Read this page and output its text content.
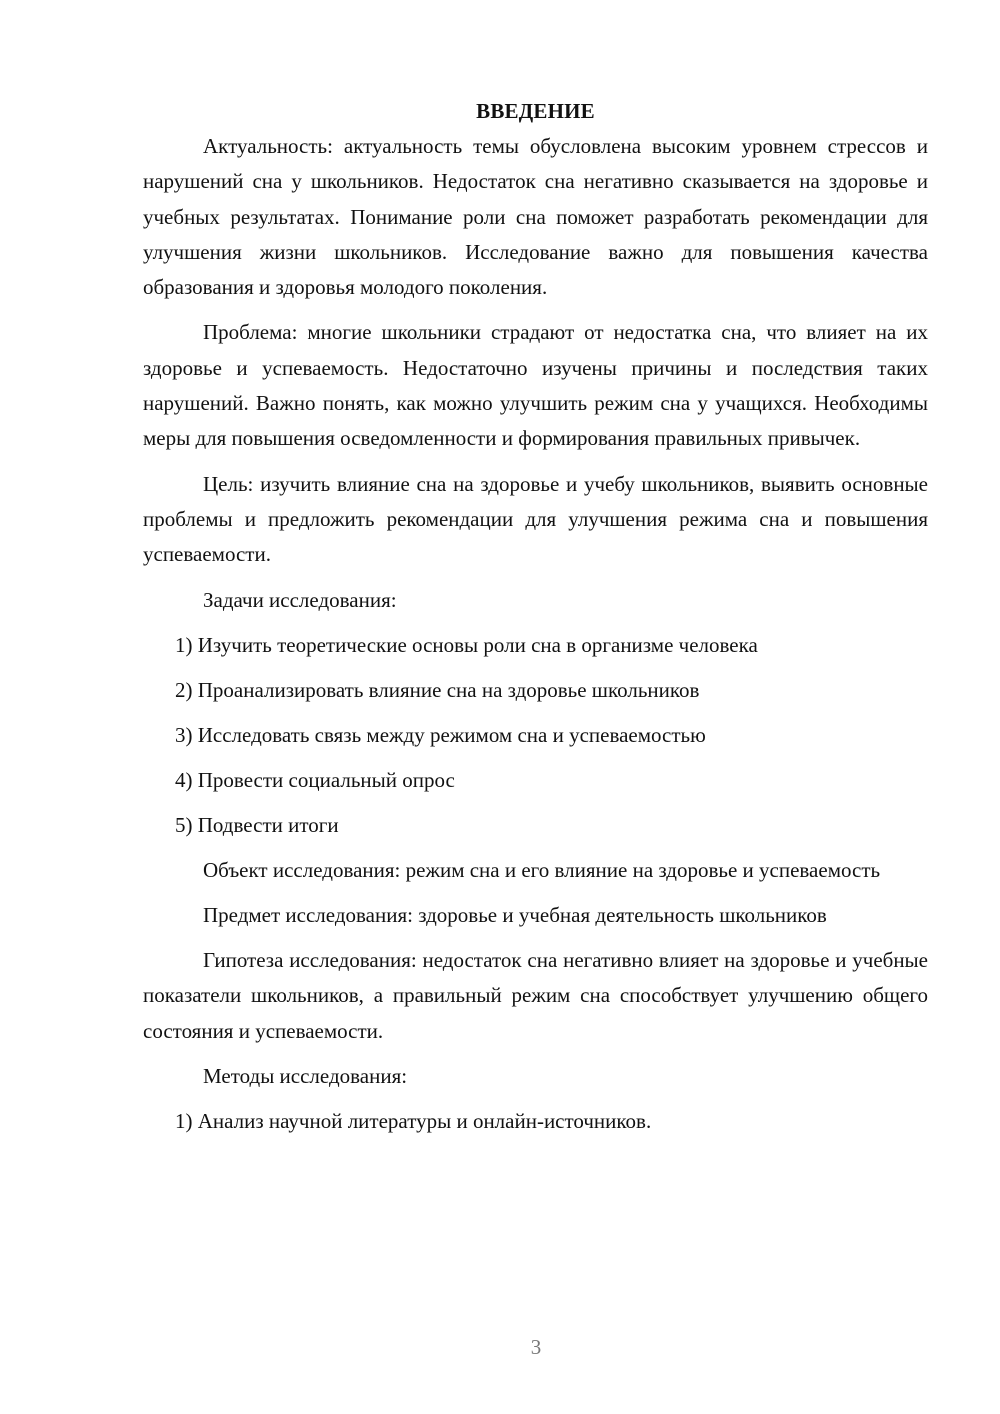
ВВЕДЕНИЕ

Актуальность: актуальность темы обусловлена высоким уровнем стрессов и нарушений сна у школьников. Недостаток сна негативно сказывается на здоровье и учебных результатах. Понимание роли сна поможет разработать рекомендации для улучшения жизни школьников. Исследование важно для повышения качества образования и здоровья молодого поколения.

Проблема: многие школьники страдают от недостатка сна, что влияет на их здоровье и успеваемость. Недостаточно изучены причины и последствия таких нарушений. Важно понять, как можно улучшить режим сна у учащихся. Необходимы меры для повышения осведомленности и формирования правильных привычек.

Цель: изучить влияние сна на здоровье и учебу школьников, выявить основные проблемы и предложить рекомендации для улучшения режима сна и повышения успеваемости.

Задачи исследования:

1) Изучить теоретические основы роли сна в организме человека

2) Проанализировать влияние сна на здоровье школьников

3) Исследовать связь между режимом сна и успеваемостью

4) Провести социальный опрос

5) Подвести итоги

Объект исследования: режим сна и его влияние на здоровье и успеваемость

Предмет исследования: здоровье и учебная деятельность школьников

Гипотеза исследования: недостаток сна негативно влияет на здоровье и учебные показатели школьников, а правильный режим сна способствует улучшению общего состояния и успеваемости.

Методы исследования:

1) Анализ научной литературы и онлайн-источников.

3
